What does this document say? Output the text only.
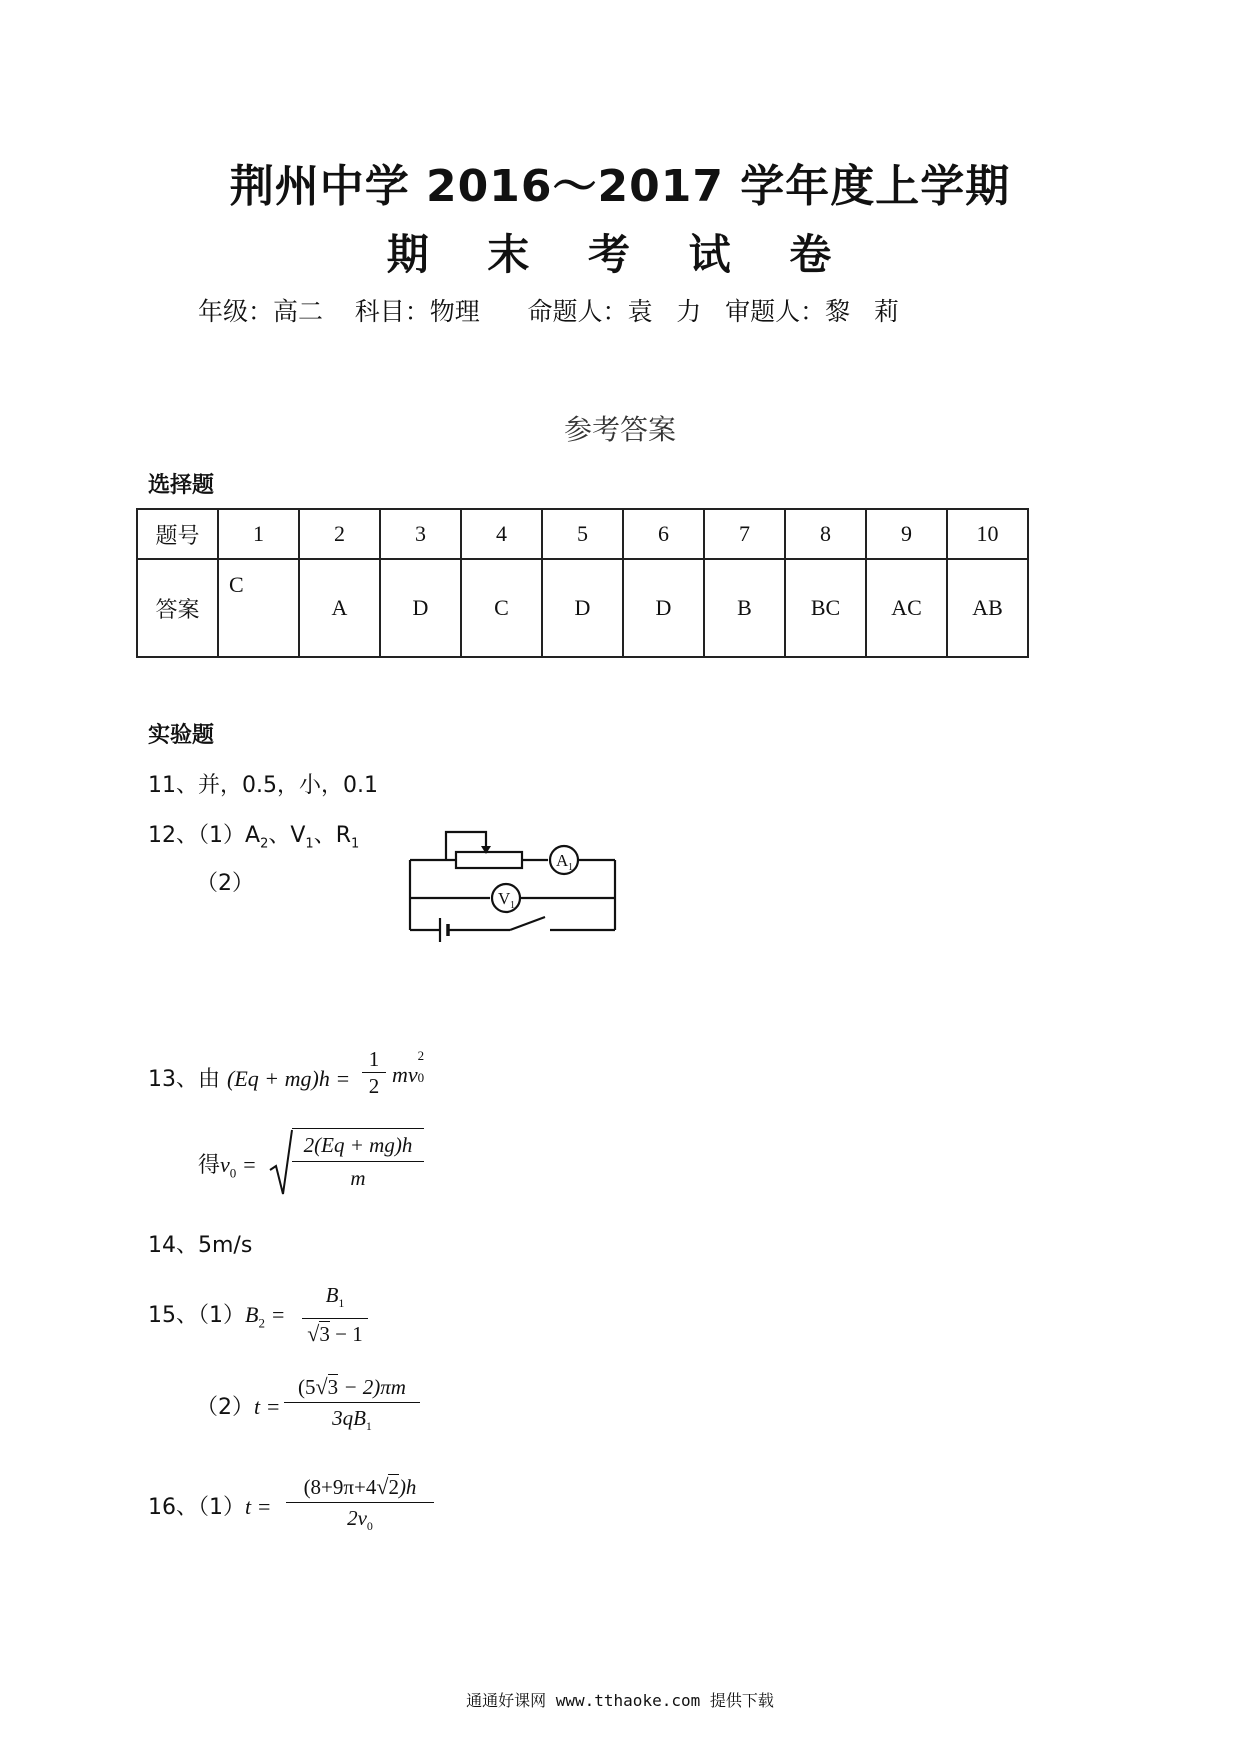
荆州中学 2016～2017 学年度上学期
期 末 考 试 卷
年级：高二    科目：物理      命题人：袁   力   审题人：黎   莉
参考答案
选择题
题号	1	2	3	4	5	6	7	8	9	10
答案	C	A	D	C	D	D	B	BC	AC	AB
实验题
11、并，0.5，小，0.1
12、$(1)A_2$、$V_1$、$R_1$
（2）
A 1
V 1
13、由 (Eq + mg)h =
1
2 mv
2
0
得$v_0$ =
2(Eq + mg)h
m
14、5m/s
15、$(1)B_2$ =
$B_1$
√3 − 1
（2）t =
(5√3 − 2)πm
$3qB_1$
16、（1）t =
(8+9π+4√2)h
$2v_0$
通通好课网 www.tthaoke.com 提供下载
